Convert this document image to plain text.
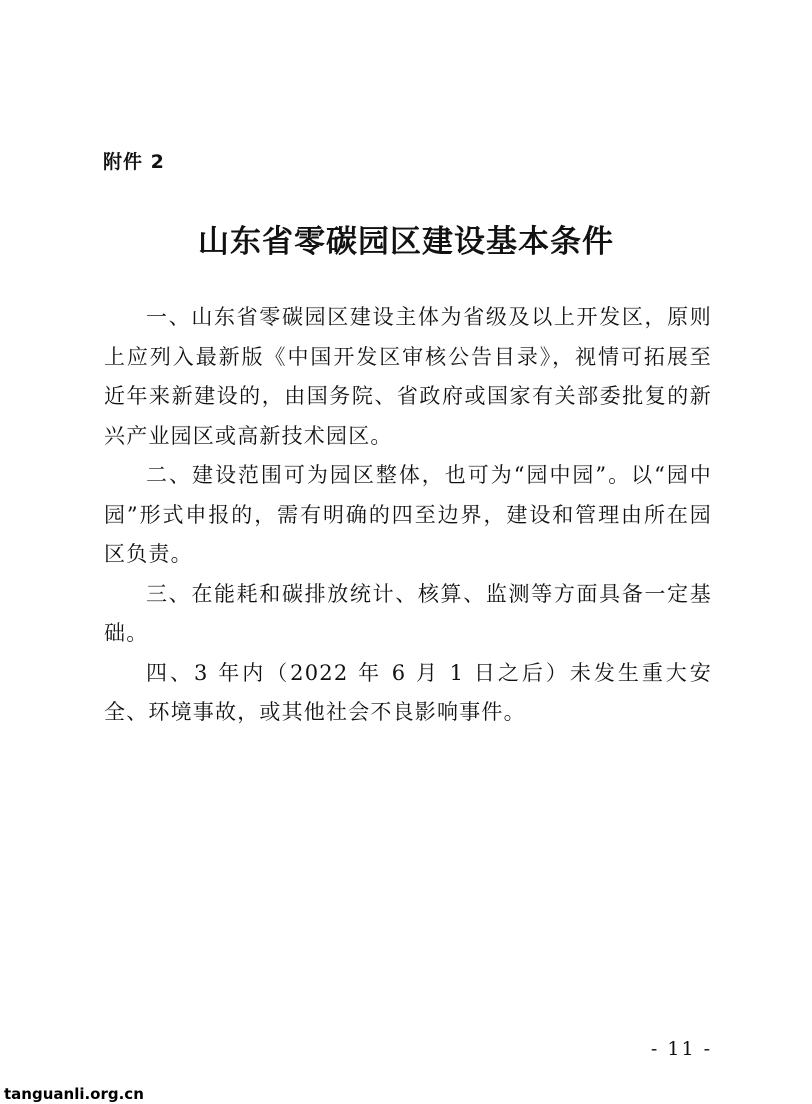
附件 2
山东省零碳园区建设基本条件

一、山东省零碳园区建设主体为省级及以上开发区，原则上应列入最新版《中国开发区审核公告目录》，视情可拓展至近年来新建设的，由国务院、省政府或国家有关部委批复的新兴产业园区或高新技术园区。

二、建设范围可为园区整体，也可为“园中园”。以“园中园”形式申报的，需有明确的四至边界，建设和管理由所在园区负责。

三、在能耗和碳排放统计、核算、监测等方面具备一定基础。

四、3 年内（2022 年 6 月 1 日之后）未发生重大安全、环境事故，或其他社会不良影响事件。

- 11 -
tanguanli.org.cn
